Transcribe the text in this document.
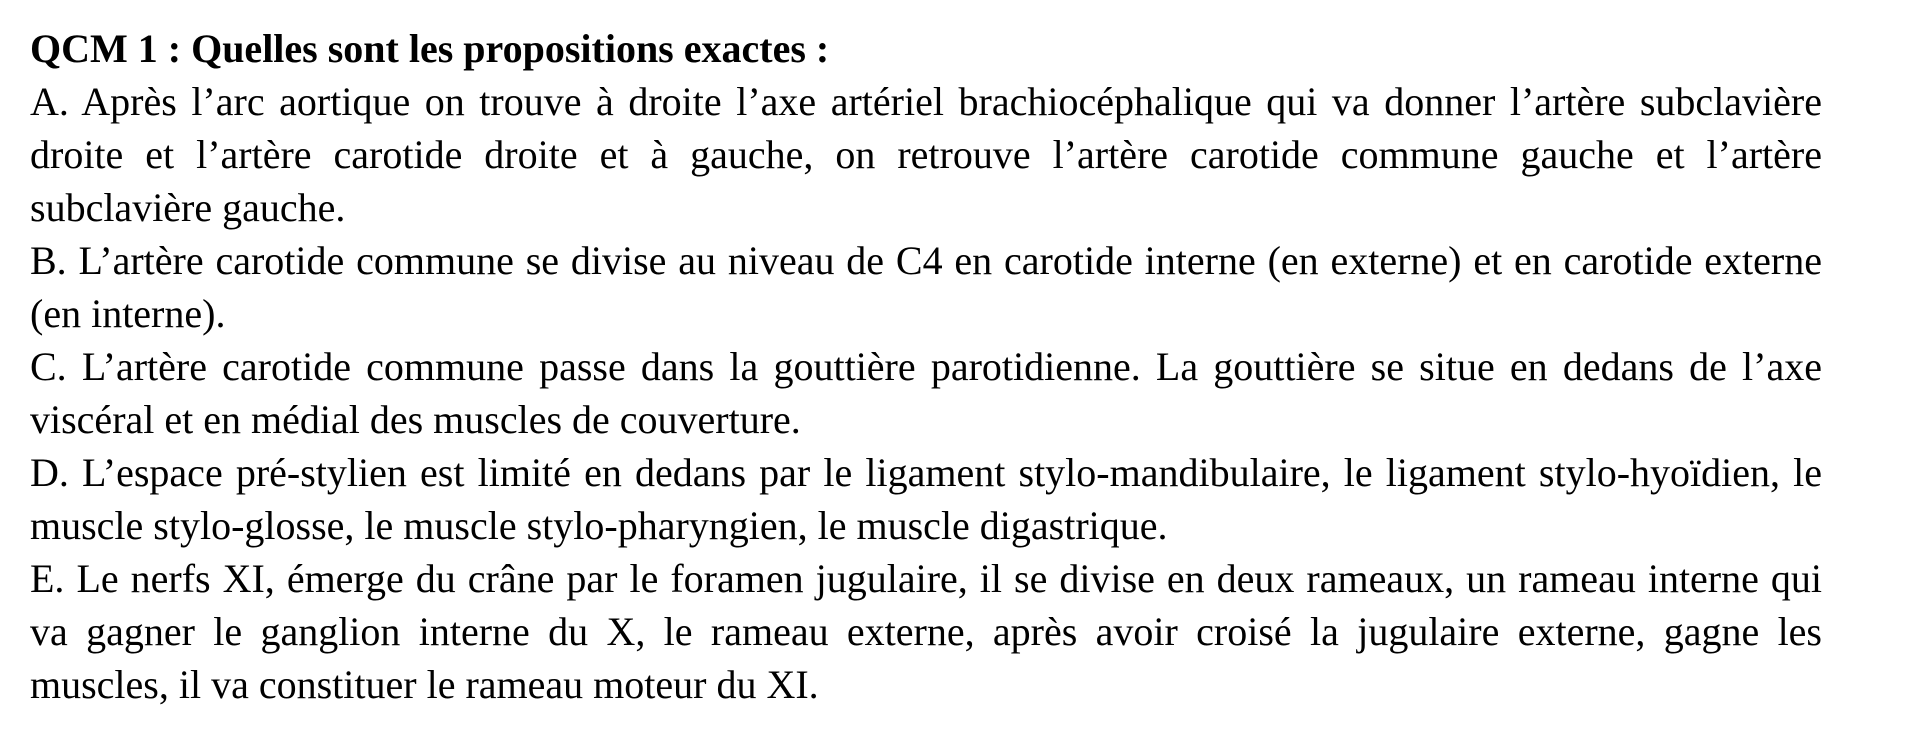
QCM 1 : Quelles sont les propositions exactes :

A. Après l’arc aortique on trouve à droite l’axe artériel brachiocéphalique qui va donner l’artère subclavière droite et l’artère carotide droite et à gauche, on retrouve l’artère carotide commune gauche et l’artère subclavière gauche.

B. L’artère carotide commune se divise au niveau de C4 en carotide interne (en externe) et en carotide externe (en interne).

C. L’artère carotide commune passe dans la gouttière parotidienne. La gouttière se situe en dedans de l’axe viscéral et en médial des muscles de couverture.

D. L’espace pré-stylien est limité en dedans par le ligament stylo-mandibulaire, le ligament stylo-hyoïdien, le muscle stylo-glosse, le muscle stylo-pharyngien, le muscle digastrique.

E. Le nerfs XI, émerge du crâne par le foramen jugulaire, il se divise en deux rameaux, un rameau interne qui va gagner le ganglion interne du X, le rameau externe, après avoir croisé la jugulaire externe, gagne les muscles, il va constituer le rameau moteur du XI.
